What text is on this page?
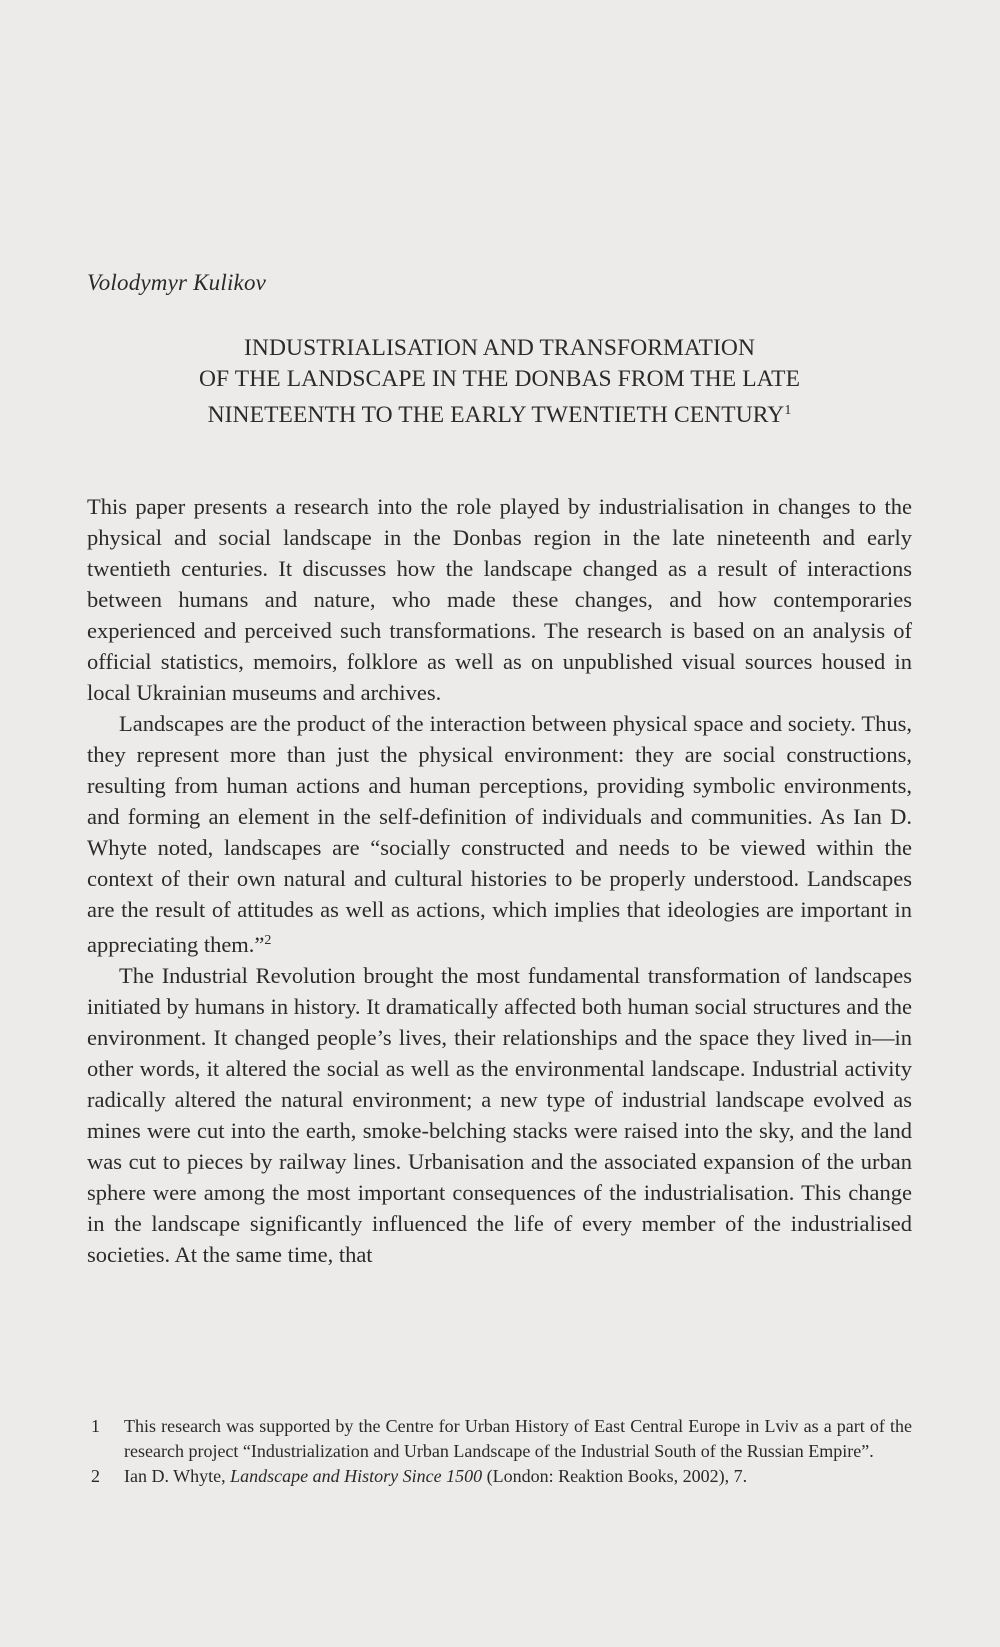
Volodymyr Kulikov
INDUSTRIALISATION AND TRANSFORMATION
OF THE LANDSCAPE IN THE DONBAS FROM THE LATE
NINETEENTH TO THE EARLY TWENTIETH CENTURY$^1$

This paper presents a research into the role played by industrialisation in changes to the physical and social landscape in the Donbas region in the late nineteenth and early twentieth centuries. It discusses how the landscape changed as a result of interactions between humans and nature, who made these changes, and how contemporaries experienced and perceived such transformations. The research is based on an analysis of official statistics, memoirs, folklore as well as on unpublished visual sources housed in local Ukrainian museums and archives.

Landscapes are the product of the interaction between physical space and society. Thus, they represent more than just the physical environment: they are social constructions, resulting from human actions and human perceptions, providing symbolic environments, and forming an element in the self-definition of individuals and communities. As Ian D. Whyte noted, landscapes are “socially constructed and needs to be viewed within the context of their own natural and cultural histories to be properly understood. Landscapes are the result of attitudes as well as actions, which implies that ideologies are important in appreciating them.”$^2$

The Industrial Revolution brought the most fundamental transformation of landscapes initiated by humans in history. It dramatically affected both human social structures and the environment. It changed people’s lives, their relationships and the space they lived in—in other words, it altered the social as well as the environmental landscape. Industrial activity radically altered the natural environment; a new type of industrial landscape evolved as mines were cut into the earth, smoke-belching stacks were raised into the sky, and the land was cut to pieces by railway lines. Urbanisation and the associated expansion of the urban sphere were among the most important consequences of the industrialisation. This change in the landscape significantly influenced the life of every member of the industrialised societies. At the same time, that

1 This research was supported by the Centre for Urban History of East Central Europe in Lviv as a part of the research project “Industrialization and Urban Landscape of the Industrial South of the Russian Empire”.
2 Ian D. Whyte, Landscape and History Since 1500 (London: Reaktion Books, 2002), 7.
